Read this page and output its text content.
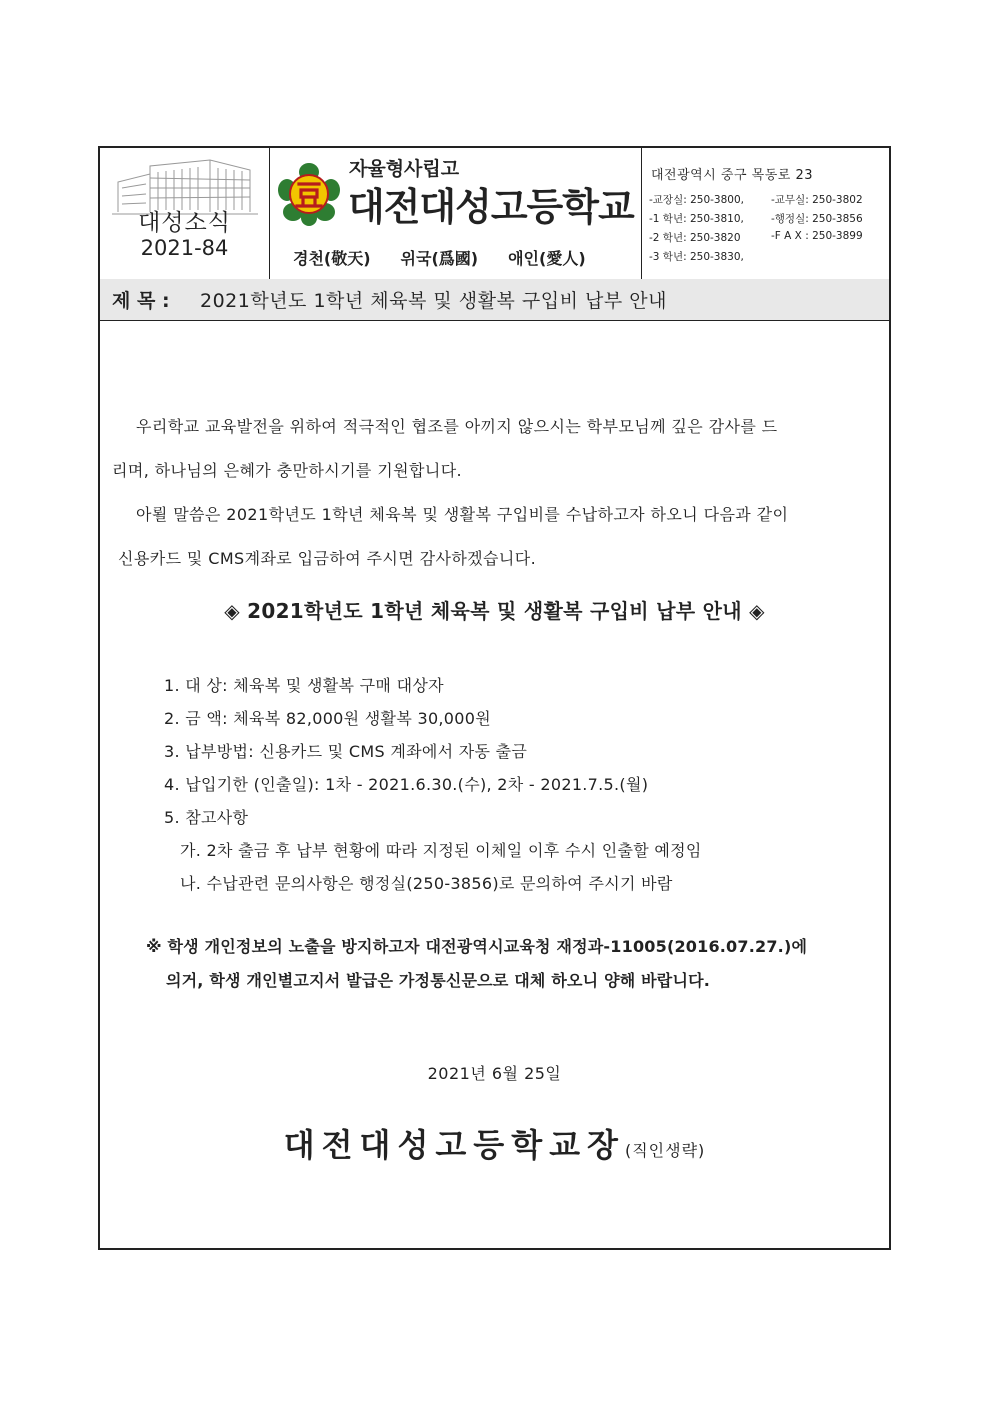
대성소식
2021-84
자율형사립고
대전대성고등학교
경천(敬天) 위국(爲國) 애인(愛人)
대전광역시 중구 목동로 23
-교장실: 250-3800,	-교무실: 250-3802
-1 학년: 250-3810,	-행정실: 250-3856
-2 학년: 250-3820	-F A X : 250-3899
-3 학년: 250-3830,
제 목 : 2021학년도 1학년 체육복 및 생활복 구입비 납부 안내
우리학교 교육발전을 위하여 적극적인 협조를 아끼지 않으시는 학부모님께 깊은 감사를 드
리며, 하나님의 은혜가 충만하시기를 기원합니다.
아뢸 말씀은 2021학년도 1학년 체육복 및 생활복 구입비를 수납하고자 하오니 다음과 같이
신용카드 및 CMS계좌로 입금하여 주시면 감사하겠습니다.
◈ 2021학년도 1학년 체육복 및 생활복 구입비 납부 안내 ◈
1. 대 상: 체육복 및 생활복 구매 대상자
2. 금 액: 체육복 82,000원 생활복 30,000원
3. 납부방법: 신용카드 및 CMS 계좌에서 자동 출금
4. 납입기한 (인출일): 1차 - 2021.6.30.(수), 2차 - 2021.7.5.(월)
5. 참고사항
가. 2차 출금 후 납부 현황에 따라 지정된 이체일 이후 수시 인출할 예정임
나. 수납관련 문의사항은 행정실(250-3856)로 문의하여 주시기 바람
※ 학생 개인정보의 노출을 방지하고자 대전광역시교육청 재정과-11005(2016.07.27.)에
의거, 학생 개인별고지서 발급은 가정통신문으로 대체 하오니 양해 바랍니다.
2021년 6월 25일
대전대성고등학교장(직인생략)
